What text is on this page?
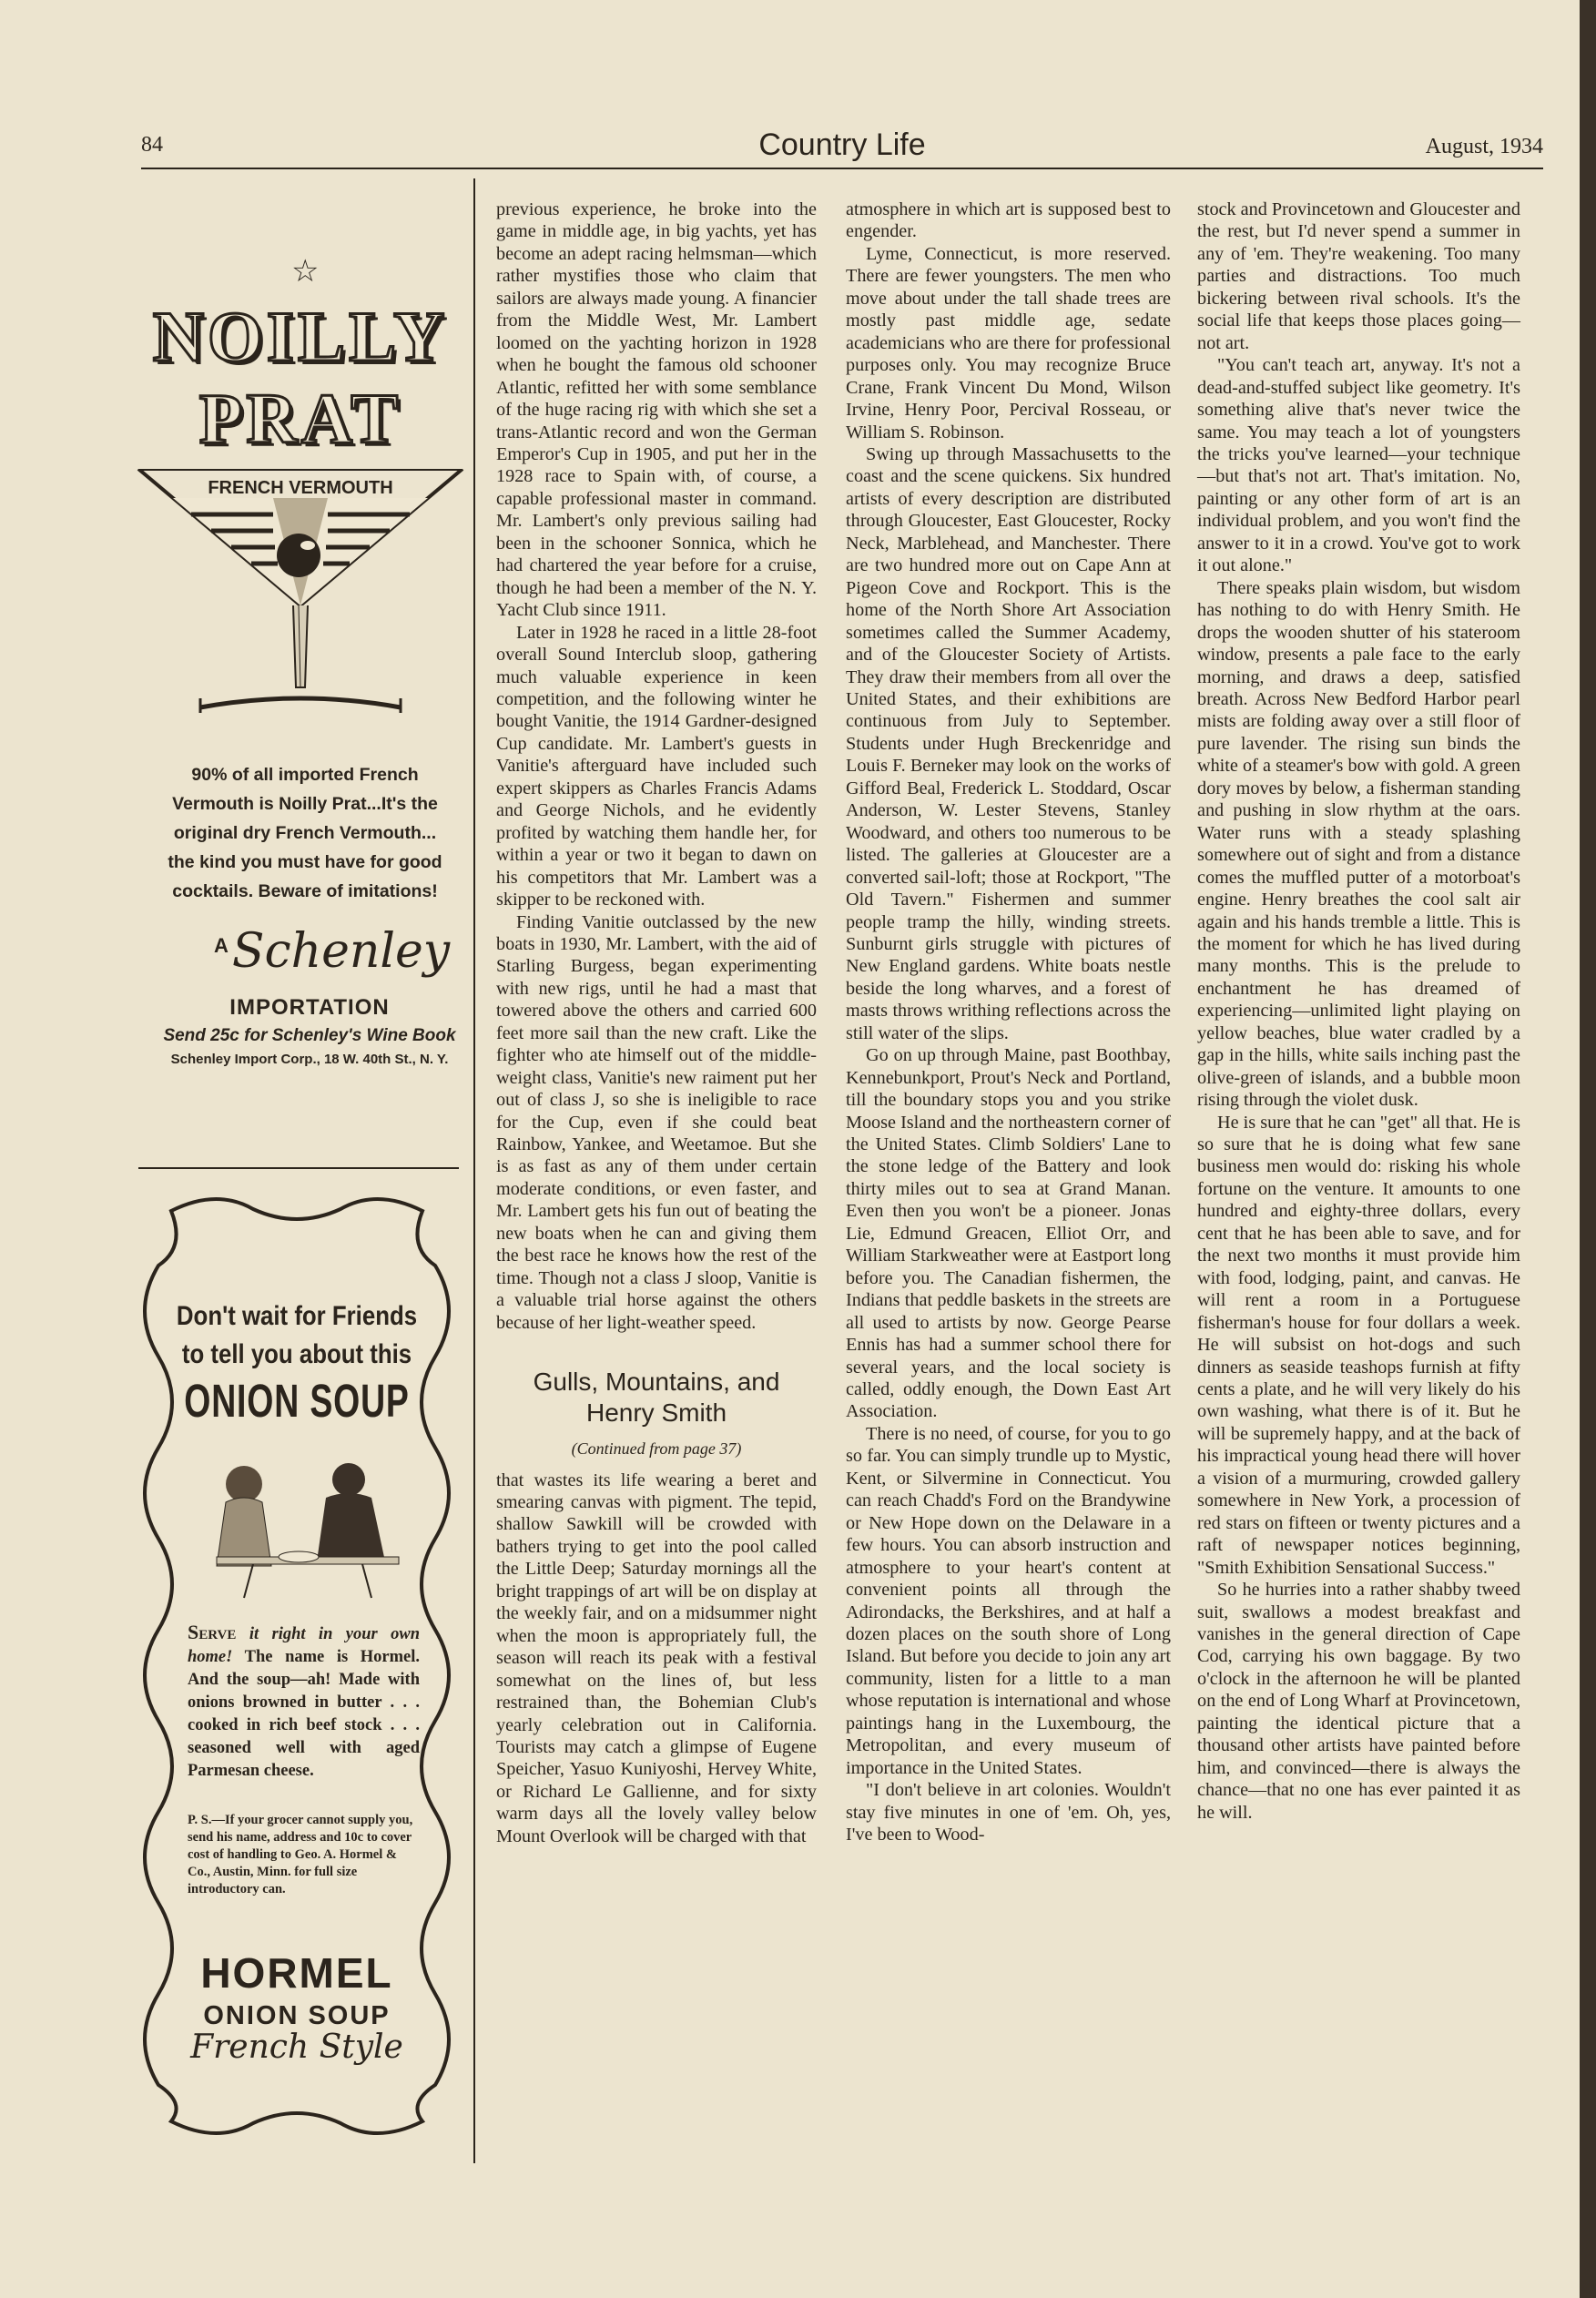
84	Country Life	August, 1934
☆
NOILLY
PRAT
FRENCH VERMOUTH
90% of all imported French
Vermouth is Noilly Prat...It's the
original dry French Vermouth...
the kind you must have for good
cocktails. Beware of imitations!
$^A$Schenley
IMPORTATION
Send 25c for Schenley's Wine Book
Schenley Import Corp., 18 W. 40th St., N. Y.
Don't wait for Friends
to tell you about this
ONION SOUP
Serve it right in your own home! The name is Hormel. And the soup—ah! Made with onions browned in butter . . . cooked in rich beef stock . . . seasoned well with aged Parmesan cheese.
P. S.—If your grocer cannot supply you, send his name, address and 10c to cover cost of handling to Geo. A. Hormel & Co., Austin, Minn. for full size introductory can.
HORMEL
ONION SOUP
French Style

previous experience, he broke into the game in middle age, in big yachts, yet has become an adept racing helmsman—which rather mystifies those who claim that sailors are always made young. A financier from the Middle West, Mr. Lambert loomed on the yachting horizon in 1928 when he bought the famous old schooner Atlantic, refitted her with some semblance of the huge racing rig with which she set a trans-Atlantic record and won the German Emperor's Cup in 1905, and put her in the 1928 race to Spain with, of course, a capable professional master in command. Mr. Lambert's only previous sailing had been in the schooner Sonnica, which he had chartered the year before for a cruise, though he had been a member of the N. Y. Yacht Club since 1911.

Later in 1928 he raced in a little 28-foot overall Sound Interclub sloop, gathering much valuable experience in keen competition, and the following winter he bought Vanitie, the 1914 Gardner-designed Cup candidate. Mr. Lambert's guests in Vanitie's afterguard have included such expert skippers as Charles Francis Adams and George Nichols, and he evidently profited by watching them handle her, for within a year or two it began to dawn on his competitors that Mr. Lambert was a skipper to be reckoned with.

Finding Vanitie outclassed by the new boats in 1930, Mr. Lambert, with the aid of Starling Burgess, began experimenting with new rigs, until he had a mast that towered above the others and carried 600 feet more sail than the new craft. Like the fighter who ate himself out of the middle-weight class, Vanitie's new raiment put her out of class J, so she is ineligible to race for the Cup, even if she could beat Rainbow, Yankee, and Weetamoe. But she is as fast as any of them under certain moderate conditions, or even faster, and Mr. Lambert gets his fun out of beating the new boats when he can and giving them the best race he knows how the rest of the time. Though not a class J sloop, Vanitie is a valuable trial horse against the others because of her light-weather speed.

Gulls, Mountains, and Henry Smith
(Continued from page 37)

that wastes its life wearing a beret and smearing canvas with pigment. The tepid, shallow Sawkill will be crowded with bathers trying to get into the pool called the Little Deep; Saturday mornings all the bright trappings of art will be on display at the weekly fair, and on a midsummer night when the moon is appropriately full, the season will reach its peak with a festival somewhat on the lines of, but less restrained than, the Bohemian Club's yearly celebration out in California. Tourists may catch a glimpse of Eugene Speicher, Yasuo Kuniyoshi, Hervey White, or Richard Le Gallienne, and for sixty warm days all the lovely valley below Mount Overlook will be charged with that

atmosphere in which art is supposed best to engender.

Lyme, Connecticut, is more reserved. There are fewer youngsters. The men who move about under the tall shade trees are mostly past middle age, sedate academicians who are there for professional purposes only. You may recognize Bruce Crane, Frank Vincent Du Mond, Wilson Irvine, Henry Poor, Percival Rosseau, or William S. Robinson.

Swing up through Massachusetts to the coast and the scene quickens. Six hundred artists of every description are distributed through Gloucester, East Gloucester, Rocky Neck, Marblehead, and Manchester. There are two hundred more out on Cape Ann at Pigeon Cove and Rockport. This is the home of the North Shore Art Association sometimes called the Summer Academy, and of the Gloucester Society of Artists. They draw their members from all over the United States, and their exhibitions are continuous from July to September. Students under Hugh Breckenridge and Louis F. Berneker may look on the works of Gifford Beal, Frederick L. Stoddard, Oscar Anderson, W. Lester Stevens, Stanley Woodward, and others too numerous to be listed. The galleries at Gloucester are a converted sail-loft; those at Rockport, "The Old Tavern." Fishermen and summer people tramp the hilly, winding streets. Sunburnt girls struggle with pictures of New England gardens. White boats nestle beside the long wharves, and a forest of masts throws writhing reflections across the still water of the slips.

Go on up through Maine, past Boothbay, Kennebunkport, Prout's Neck and Portland, till the boundary stops you and you strike Moose Island and the northeastern corner of the United States. Climb Soldiers' Lane to the stone ledge of the Battery and look thirty miles out to sea at Grand Manan. Even then you won't be a pioneer. Jonas Lie, Edmund Greacen, Elliot Orr, and William Starkweather were at Eastport long before you. The Canadian fishermen, the Indians that peddle baskets in the streets are all used to artists by now. George Pearse Ennis has had a summer school there for several years, and the local society is called, oddly enough, the Down East Art Association.

There is no need, of course, for you to go so far. You can simply trundle up to Mystic, Kent, or Silvermine in Connecticut. You can reach Chadd's Ford on the Brandywine or New Hope down on the Delaware in a few hours. You can absorb instruction and atmosphere to your heart's content at convenient points all through the Adirondacks, the Berkshires, and at half a dozen places on the south shore of Long Island. But before you decide to join any art community, listen for a little to a man whose reputation is international and whose paintings hang in the Luxembourg, the Metropolitan, and every museum of importance in the United States.

"I don't believe in art colonies. Wouldn't stay five minutes in one of 'em. Oh, yes, I've been to Wood-

stock and Provincetown and Gloucester and the rest, but I'd never spend a summer in any of 'em. They're weakening. Too many parties and distractions. Too much bickering between rival schools. It's the social life that keeps those places going—not art.

"You can't teach art, anyway. It's not a dead-and-stuffed subject like geometry. It's something alive that's never twice the same. You may teach a lot of youngsters the tricks you've learned—your technique—but that's not art. That's imitation. No, painting or any other form of art is an individual problem, and you won't find the answer to it in a crowd. You've got to work it out alone."

There speaks plain wisdom, but wisdom has nothing to do with Henry Smith. He drops the wooden shutter of his stateroom window, presents a pale face to the early morning, and draws a deep, satisfied breath. Across New Bedford Harbor pearl mists are folding away over a still floor of pure lavender. The rising sun binds the white of a steamer's bow with gold. A green dory moves by below, a fisherman standing and pushing in slow rhythm at the oars. Water runs with a steady splashing somewhere out of sight and from a distance comes the muffled putter of a motorboat's engine. Henry breathes the cool salt air again and his hands tremble a little. This is the moment for which he has lived during many months. This is the prelude to enchantment he has dreamed of experiencing—unlimited light playing on yellow beaches, blue water cradled by a gap in the hills, white sails inching past the olive-green of islands, and a bubble moon rising through the violet dusk.

He is sure that he can "get" all that. He is so sure that he is doing what few sane business men would do: risking his whole fortune on the venture. It amounts to one hundred and eighty-three dollars, every cent that he has been able to save, and for the next two months it must provide him with food, lodging, paint, and canvas. He will rent a room in a Portuguese fisherman's house for four dollars a week. He will subsist on hot-dogs and such dinners as seaside teashops furnish at fifty cents a plate, and he will very likely do his own washing, what there is of it. But he will be supremely happy, and at the back of his impractical young head there will hover a vision of a murmuring, crowded gallery somewhere in New York, a procession of red stars on fifteen or twenty pictures and a raft of newspaper notices beginning, "Smith Exhibition Sensational Success."

So he hurries into a rather shabby tweed suit, swallows a modest breakfast and vanishes in the general direction of Cape Cod, carrying his own baggage. By two o'clock in the afternoon he will be planted on the end of Long Wharf at Provincetown, painting the identical picture that a thousand other artists have painted before him, and convinced—there is always the chance—that no one has ever painted it as he will.
